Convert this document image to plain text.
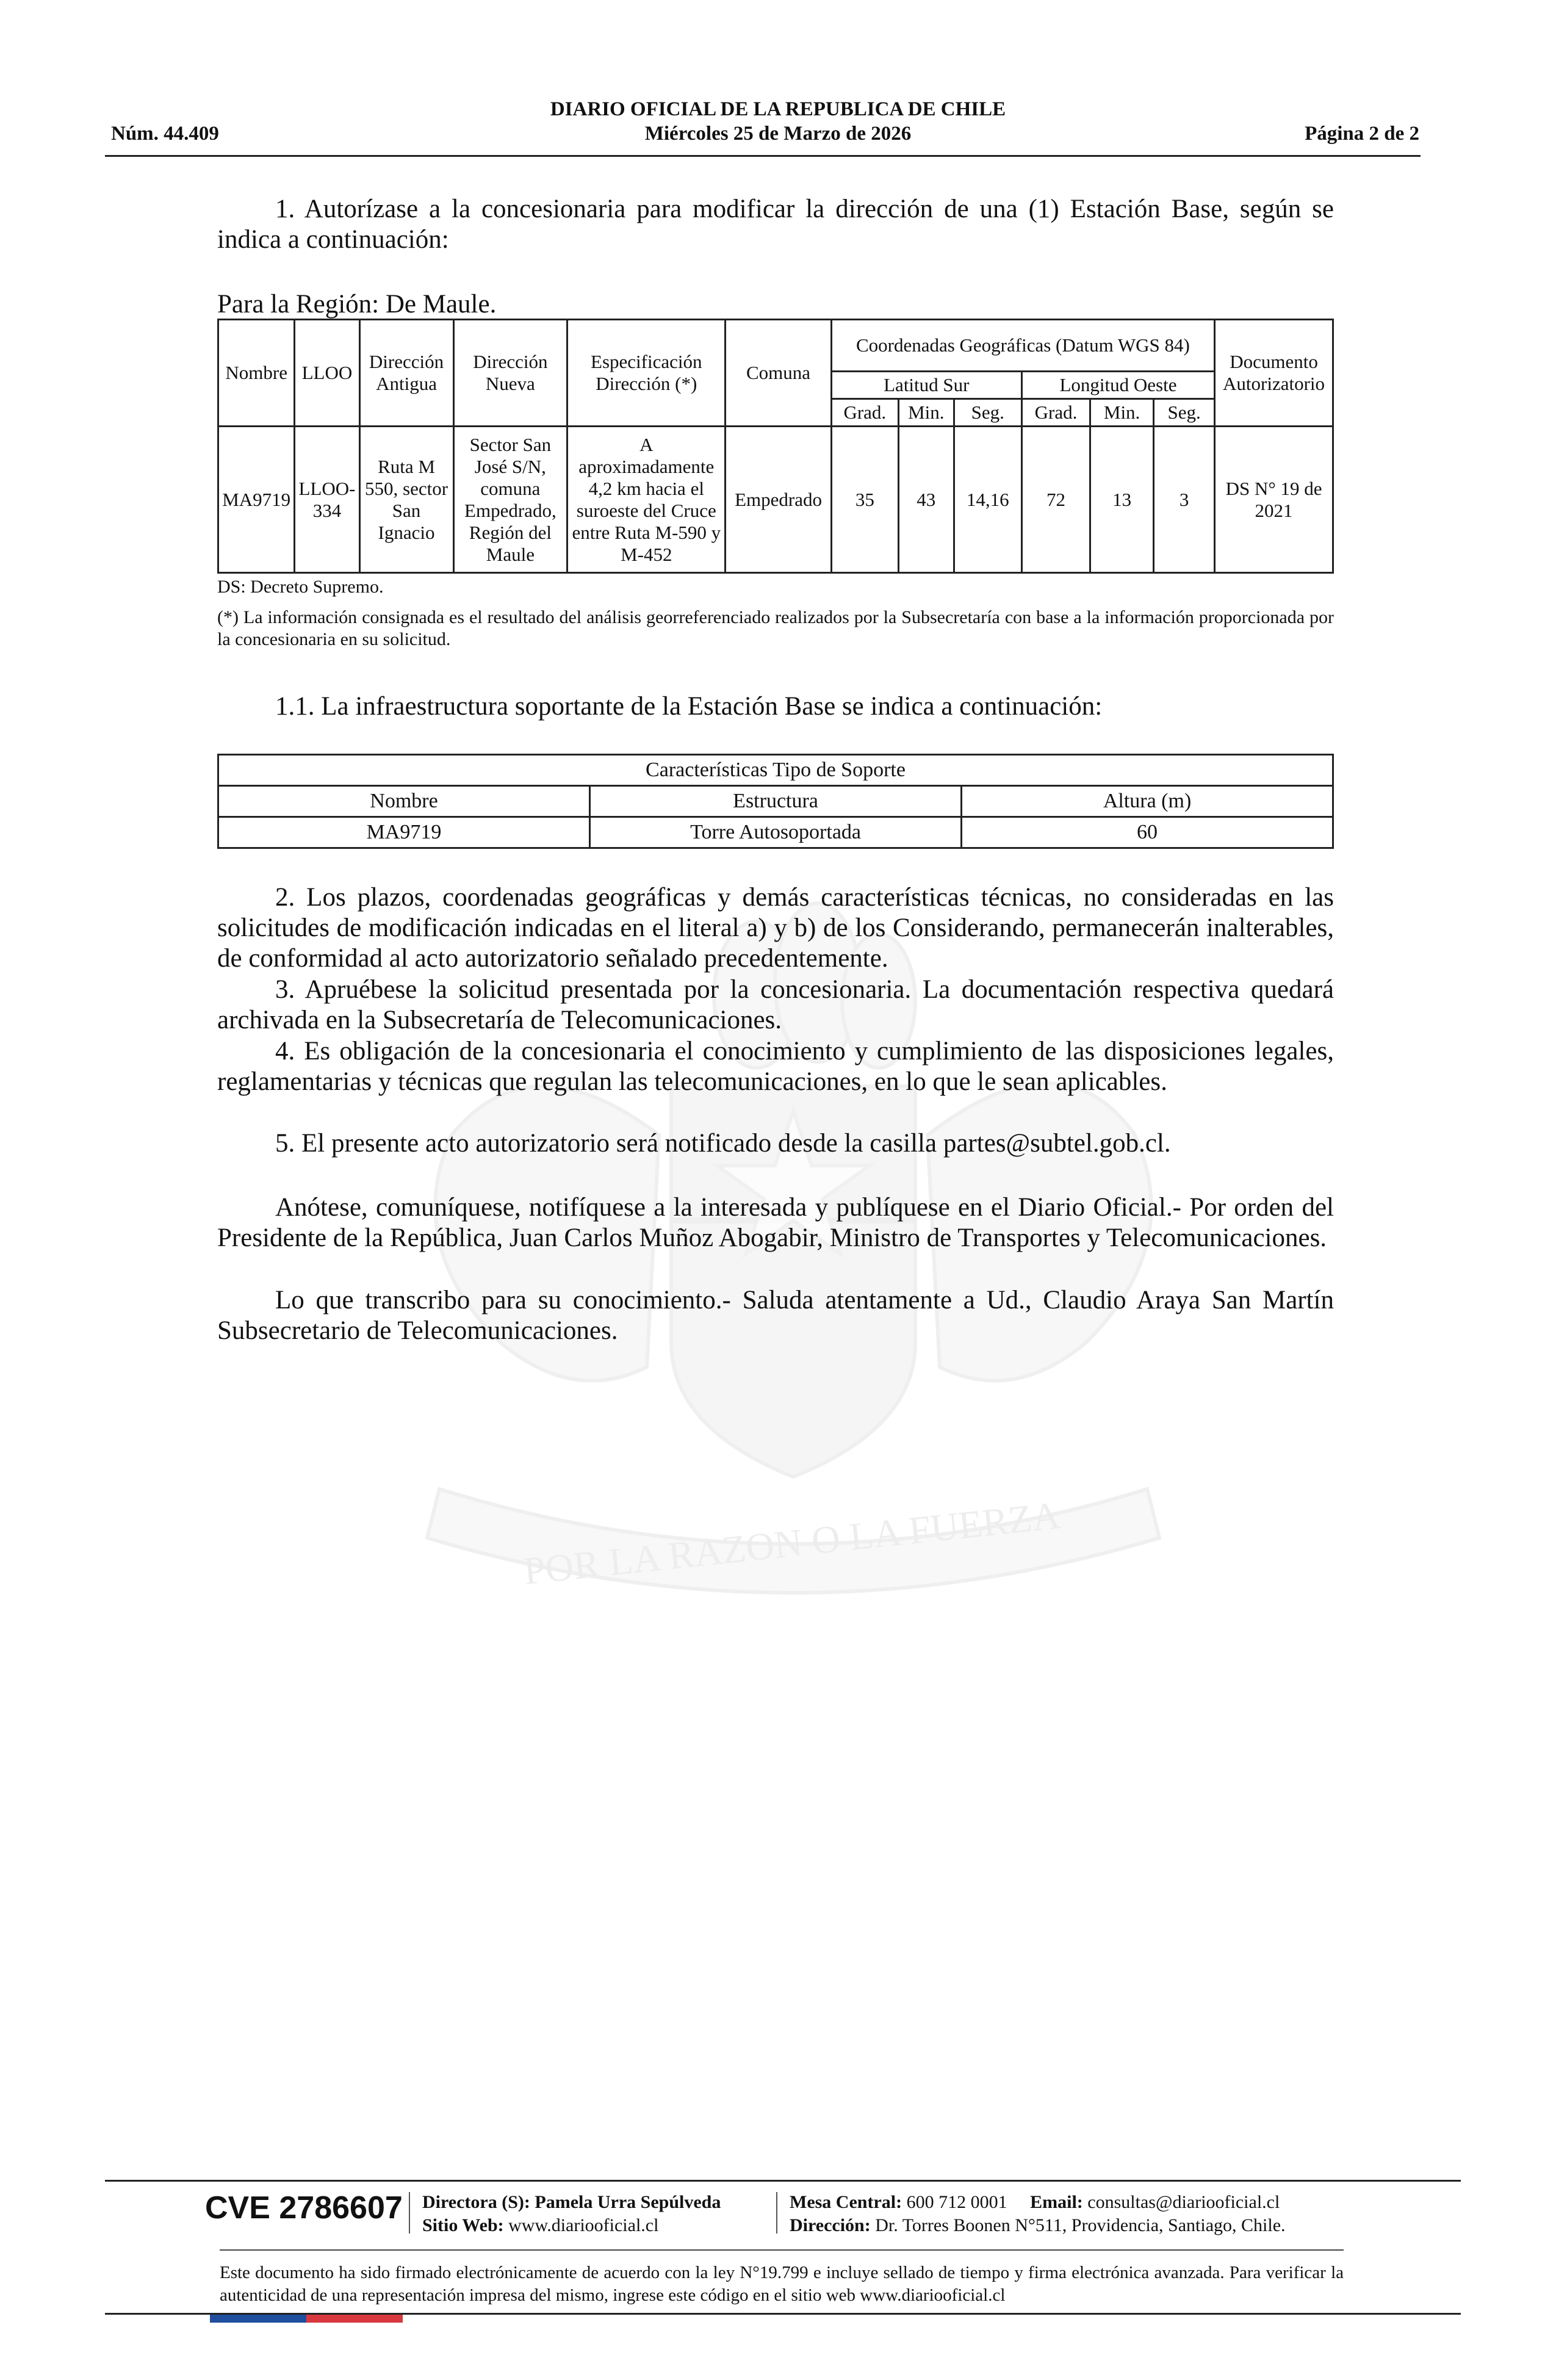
POR LA RAZON O LA FUERZA
DIARIO OFICIAL DE LA REPUBLICA DE CHILE
Núm. 44.409	Miércoles 25 de Marzo de 2026	Página 2 de 2
1. Autorízase a la concesionaria para modificar la dirección de una (1) Estación Base, según se indica a continuación:
Para la Región: De Maule.
Nombre	LLOO	Dirección Antigua	Dirección Nueva	Especificación Dirección (*)	Comuna	Coordenadas Geográficas (Datum WGS 84)						Documento Autorizatorio
						Latitud Sur			Longitud Oeste			
						Grad.	Min.	Seg.	Grad.	Min.	Seg.	
MA9719	LLOO-334	Ruta M 550, sector San Ignacio	Sector San José S/N, comuna Empedrado, Región del Maule	A aproximadamente 4,2 km hacia el suroeste del Cruce entre Ruta M-590 y M-452	Empedrado	35	43	14,16	72	13	3	DS N° 19 de 2021
DS: Decreto Supremo.
(*) La información consignada es el resultado del análisis georreferenciado realizados por la Subsecretaría con base a la información proporcionada por la concesionaria en su solicitud.
1.1. La infraestructura soportante de la Estación Base se indica a continuación:
Características Tipo de Soporte		
Nombre	Estructura	Altura (m)
MA9719	Torre Autosoportada	60
2. Los plazos, coordenadas geográficas y demás características técnicas, no consideradas en las solicitudes de modificación indicadas en el literal a) y b) de los Considerando, permanecerán inalterables, de conformidad al acto autorizatorio señalado precedentemente.
3. Apruébese la solicitud presentada por la concesionaria. La documentación respectiva quedará archivada en la Subsecretaría de Telecomunicaciones.
4. Es obligación de la concesionaria el conocimiento y cumplimiento de las disposiciones legales, reglamentarias y técnicas que regulan las telecomunicaciones, en lo que le sean aplicables.
5. El presente acto autorizatorio será notificado desde la casilla partes@subtel.gob.cl.
Anótese, comuníquese, notifíquese a la interesada y publíquese en el Diario Oficial.- Por orden del Presidente de la República, Juan Carlos Muñoz Abogabir, Ministro de Transportes y Telecomunicaciones.
Lo que transcribo para su conocimiento.- Saluda atentamente a Ud., Claudio Araya San Martín Subsecretario de Telecomunicaciones.
CVE 2786607 Directora (S): Pamela Urra Sepúlveda
Sitio Web: www.diariooficial.cl
Mesa Central: 600 712 0001 Email: consultas@diariooficial.cl
Dirección: Dr. Torres Boonen N°511, Providencia, Santiago, Chile.
Este documento ha sido firmado electrónicamente de acuerdo con la ley N°19.799 e incluye sellado de tiempo y firma electrónica avanzada. Para verificar la autenticidad de una representación impresa del mismo, ingrese este código en el sitio web www.diariooficial.cl
